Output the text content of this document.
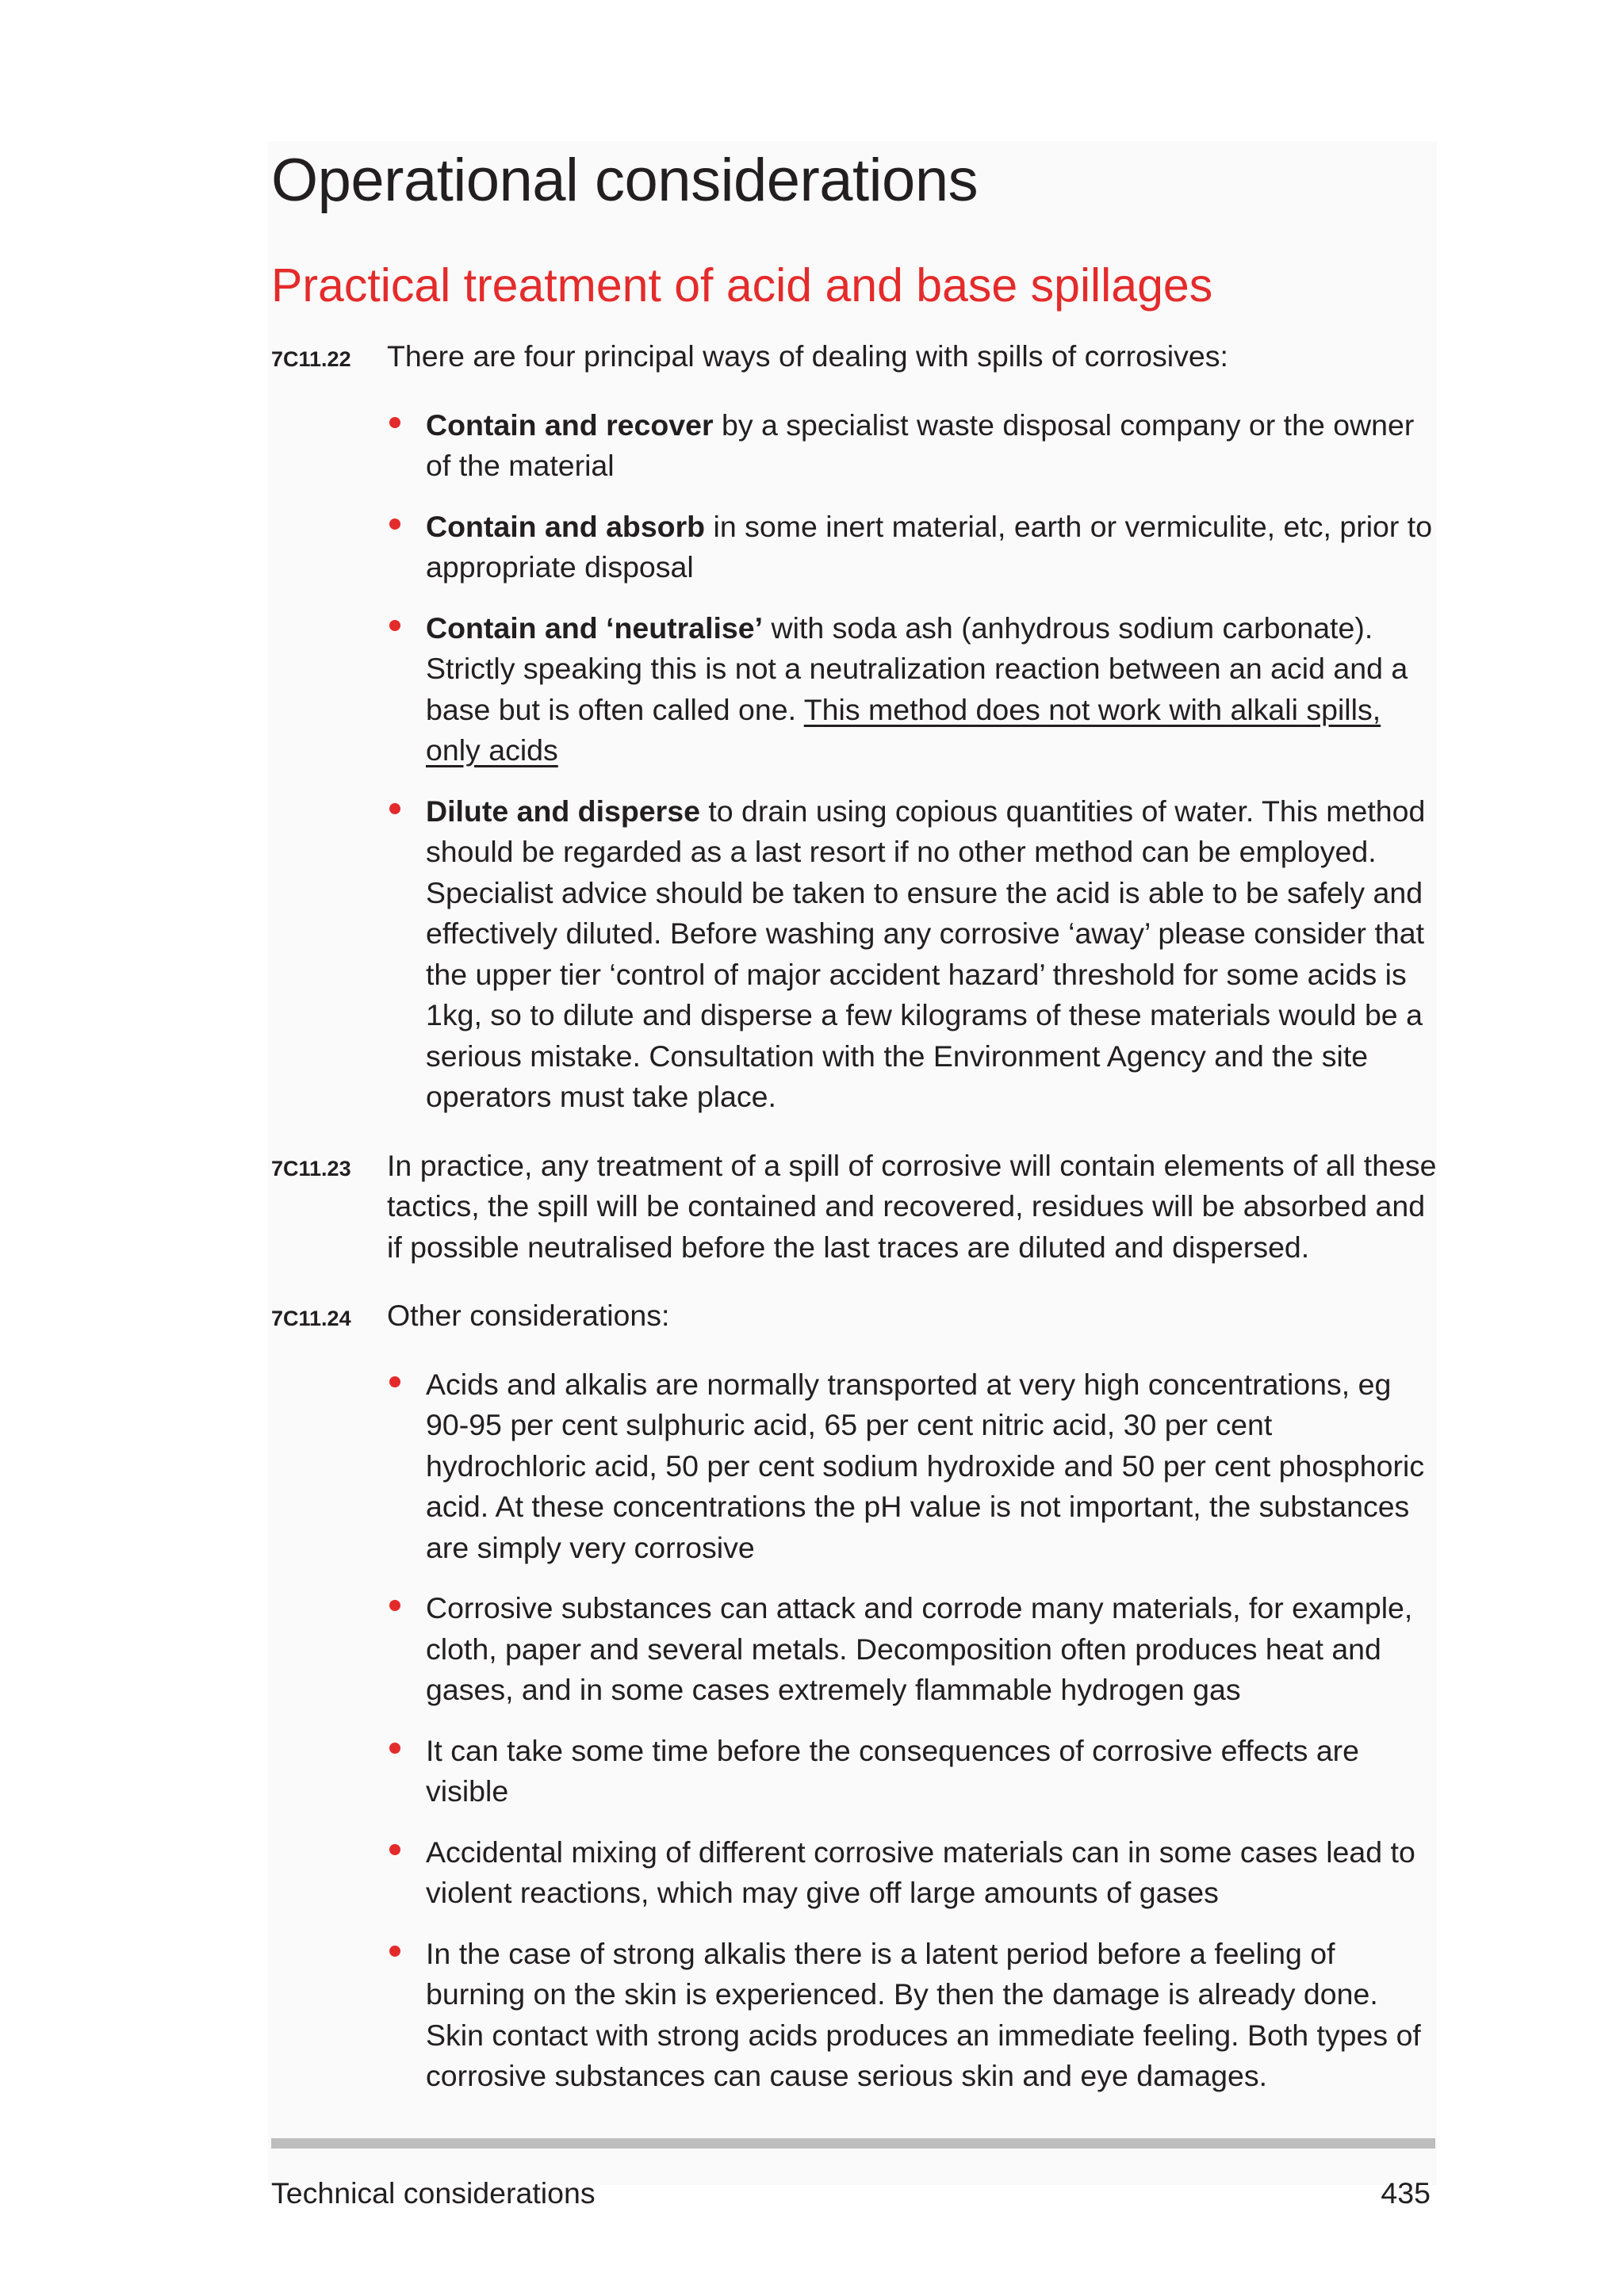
Operational considerations
Practical treatment of acid and base spillages
7C11.22 There are four principal ways of dealing with spills of corrosives:
Contain and recover by a specialist waste disposal company or the owner of the material
Contain and absorb in some inert material, earth or vermiculite, etc, prior to appropriate disposal
Contain and ‘neutralise’ with soda ash (anhydrous sodium carbonate). Strictly speaking this is not a neutralization reaction between an acid and a base but is often called one. This method does not work with alkali spills, only acids
Dilute and disperse to drain using copious quantities of water. This method should be regarded as a last resort if no other method can be employed. Specialist advice should be taken to ensure the acid is able to be safely and effectively diluted. Before washing any corrosive ‘away’ please consider that the upper tier ‘control of major accident hazard’ threshold for some acids is 1kg, so to dilute and disperse a few kilograms of these materials would be a serious mistake. Consultation with the Environment Agency and the site operators must take place.
7C11.23 In practice, any treatment of a spill of corrosive will contain elements of all these tactics, the spill will be contained and recovered, residues will be absorbed and if possible neutralised before the last traces are diluted and dispersed.
7C11.24 Other considerations:
Acids and alkalis are normally transported at very high concentrations, eg 90-95 per cent sulphuric acid, 65 per cent nitric acid, 30 per cent hydrochloric acid, 50 per cent sodium hydroxide and 50 per cent phosphoric acid. At these concentrations the pH value is not important, the substances are simply very corrosive
Corrosive substances can attack and corrode many materials, for example, cloth, paper and several metals. Decomposition often produces heat and gases, and in some cases extremely flammable hydrogen gas
It can take some time before the consequences of corrosive effects are visible
Accidental mixing of different corrosive materials can in some cases lead to violent reactions, which may give off large amounts of gases
In the case of strong alkalis there is a latent period before a feeling of burning on the skin is experienced. By then the damage is already done. Skin contact with strong acids produces an immediate feeling. Both types of corrosive substances can cause serious skin and eye damages.
Technical considerations	435
